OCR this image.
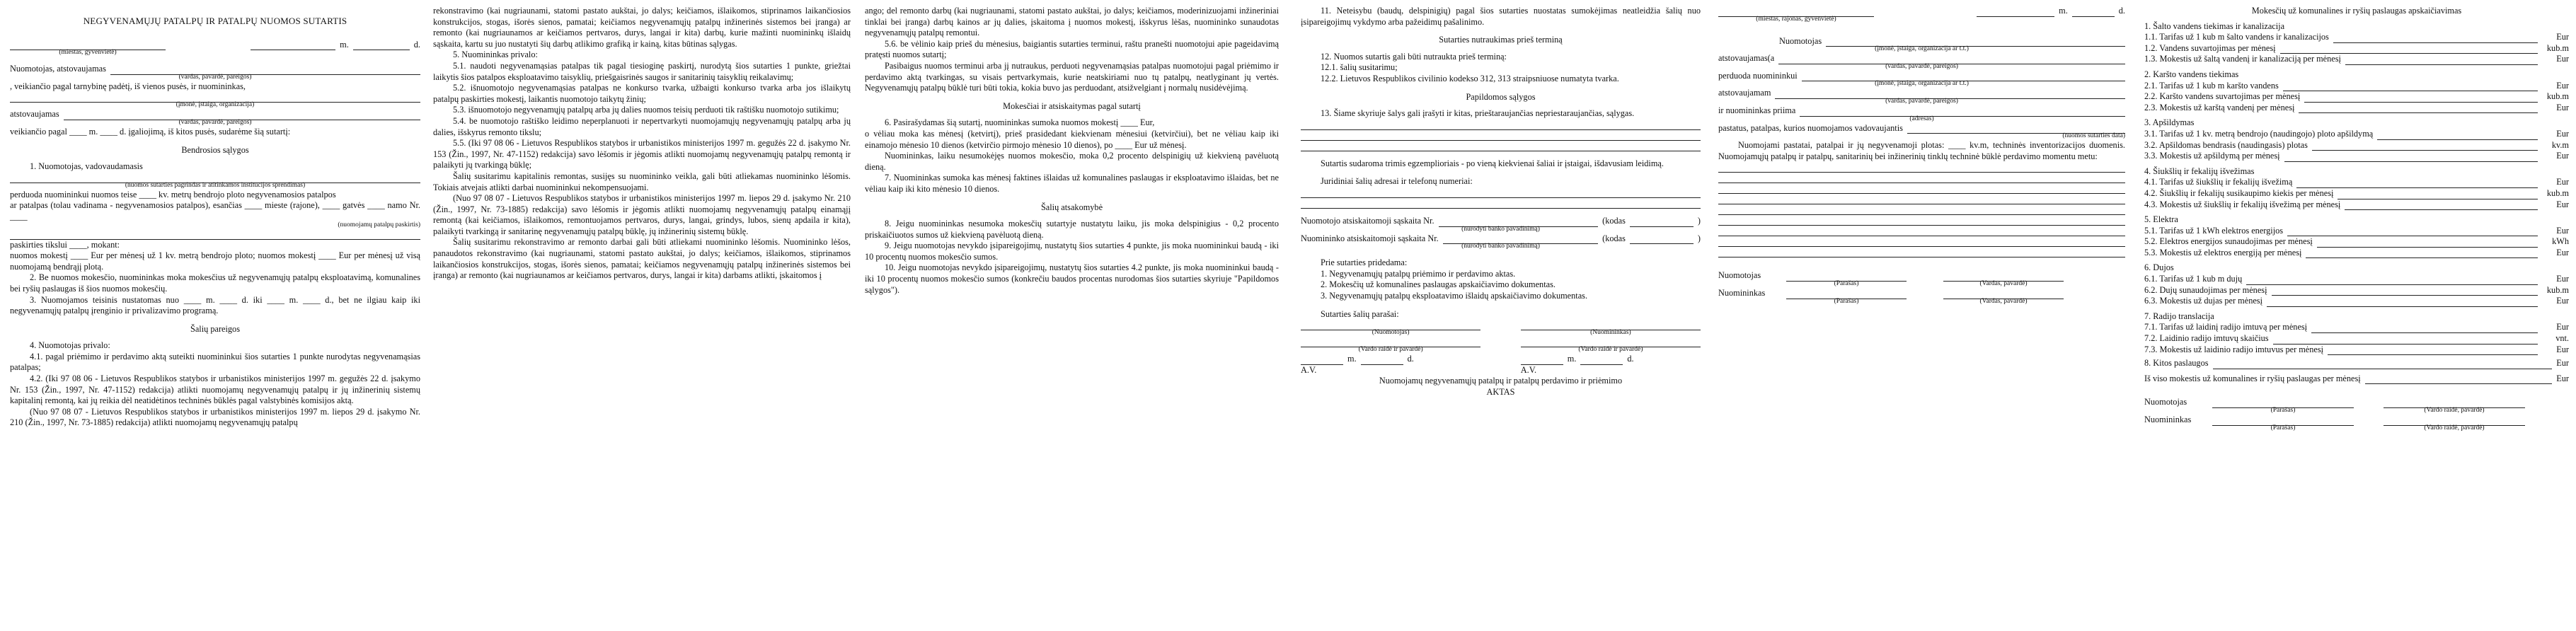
NEGYVENAMŲJŲ PATALPŲ IR PATALPŲ NUOMOS SUTARTIS

m.	d.

(miestas, gyvenvietė)

Nuomotojas, atstovaujamas

(vardas, pavardė, pareigos)

, veikiančio pagal tarnybinę padėtį, iš vienos pusės, ir nuomininkas,

(įmonė, įstaiga, organizacija)

atstovaujamas

(vardas, pavardė, pareigos)

veikiančio pagal ____ m. ____ d. įgaliojimą, iš kitos pusės, sudarėme šią sutartį:

Bendrosios sąlygos

1. Nuomotojas, vadovaudamasis

(nuomos sutarties pagrindas ir atitinkamos institucijos sprendimas)

perduoda nuomininkui nuomos teise ____ kv. metrų bendrojo ploto negyvenamosios patalpos

ar patalpas (tolau vadinama - negyvenamosios patalpos), esančias ____ mieste (rajone), ____ gatvės ____ namo Nr. ____

(nuomojamų patalpų paskirtis)

paskirties tikslui ____, mokant:

nuomos mokestį ____ Eur per mėnesį už 1 kv. metrą bendrojo ploto; nuomos mokestį ____ Eur per mėnesį už visą nuomojamą bendrąjį plotą.

2. Be nuomos mokesčio, nuomininkas moka mokesčius už negyvenamųjų patalpų eksploatavimą, komunalines bei ryšių paslaugas iš šios nuomos mokesčių.

3. Nuomojamos teisinis nustatomas nuo ____ m. ____ d. iki ____ m. ____ d., bet ne ilgiau kaip iki negyvenamųjų patalpų įrenginio ir privalizavimo programą.

Šalių pareigos

4. Nuomotojas privalo:

4.1. pagal priėmimo ir perdavimo aktą suteikti nuomininkui šios sutarties 1 punkte nurodytas negyvenamąsias patalpas;

4.2. (Iki 97 08 06 - Lietuvos Respublikos statybos ir urbanistikos ministerijos 1997 m. gegužės 22 d. įsakymo Nr. 153 (Žin., 1997, Nr. 47-1152) redakcija) atlikti nuomojamų negyvenamųjų patalpų ir jų inžinerinių sistemų kapitalinį remontą, kai jų reikia dėl neatidėtinos techninės būklės pagal valstybinės komisijos aktą.

(Nuo 97 08 07 - Lietuvos Respublikos statybos ir urbanistikos ministerijos 1997 m. liepos 29 d. įsakymo Nr. 210 (Žin., 1997, Nr. 73-1885) redakcija) atlikti nuomojamų negyvenamųjų patalpų

rekonstravimo (kai nugriaunami, statomi pastato aukštai, jo dalys; keičiamos, išlaikomos, stiprinamos laikančiosios konstrukcijos, stogas, išorės sienos, pamatai; keičiamos negyvenamųjų patalpų inžinerinės sistemos bei įranga) ar remonto (kai nugriaunamos ar keičiamos pertvaros, durys, langai ir kita) darbų, kurie mažinti nuomininkų išlaidų sąskaita, kartu su juo nustatyti šių darbų atlikimo grafiką ir kainą, kitas būtinas sąlygas.

5. Nuomininkas privalo:

5.1. naudoti negyvenamąsias patalpas tik pagal tiesioginę paskirtį, nurodytą šios sutarties 1 punkte, griežtai laikytis šios patalpos eksploatavimo taisyklių, priešgaisrinės saugos ir sanitarinių taisyklių reikalavimų;

5.2. išnuomotojo negyvenamąsias patalpas ne konkurso tvarka, užbaigti konkurso tvarka arba jos išlaikytų patalpų paskirties mokestį, laikantis nuomotojo taikytų žinių;

5.3. išnuomotojo negyvenamųjų patalpų arba jų dalies nuomos teisių perduoti tik raštišku nuomotojo sutikimu;

5.4. be nuomotojo raštiško leidimo neperplanuoti ir nepertvarkyti nuomojamųjų negyvenamųjų patalpų arba jų dalies, išskyrus remonto tikslu;

5.5. (Iki 97 08 06 - Lietuvos Respublikos statybos ir urbanistikos ministerijos 1997 m. gegužės 22 d. įsakymo Nr. 153 (Žin., 1997, Nr. 47-1152) redakcija) savo lėšomis ir jėgomis atlikti nuomojamų negyvenamųjų patalpų remontą ir palaikyti jų tvarkingą būklę;

Šalių susitarimu kapitalinis remontas, susijęs su nuomininko veikla, gali būti atliekamas nuomininko lėšomis. Tokiais atvejais atlikti darbai nuomininkui nekompensuojami.

(Nuo 97 08 07 - Lietuvos Respublikos statybos ir urbanistikos ministerijos 1997 m. liepos 29 d. įsakymo Nr. 210 (Žin., 1997, Nr. 73-1885) redakcija) savo lėšomis ir jėgomis atlikti nuomojamų negyvenamųjų patalpų einamąjį remontą (kai keičiamos, išlaikomos, remontuojamos pertvaros, durys, langai, grindys, lubos, sienų apdaila ir kita), palaikyti tvarkingą ir sanitarinę negyvenamųjų patalpų būklę, jų inžinerinių sistemų būklę.

Šalių susitarimu rekonstravimo ar remonto darbai gali būti atliekami nuomininko lėšomis. Nuomininko lėšos, panaudotos rekonstravimo (kai nugriaunami, statomi pastato aukštai, jo dalys; keičiamos, išlaikomos, stiprinamos laikančiosios konstrukcijos, stogas, išorės sienos, pamatai; keičiamos negyvenamųjų patalpų inžinerinės sistemos bei įranga) ar remonto (kai nugriaunamos ar keičiamos pertvaros, durys, langai ir kita) darbams atlikti, įskaitomos į

ango; del remonto darbų (kai nugriaunami, statomi pastato aukštai, jo dalys; keičiamos, moderinizuojami inžineriniai tinklai bei įranga) darbų kainos ar jų dalies, įskaitoma į nuomos mokestį, išskyrus lėšas, nuomininko sunaudotas negyvenamųjų patalpų remontui.

5.6. be vėlinio kaip prieš du mėnesius, baigiantis sutarties terminui, raštu pranešti nuomotojui apie pageidavimą pratęsti nuomos sutartį;

Pasibaigus nuomos terminui arba jį nutraukus, perduoti negyvenamąsias patalpas nuomotojui pagal priėmimo ir perdavimo aktą tvarkingas, su visais pertvarkymais, kurie neatskiriami nuo tų patalpų, neatlyginant jų vertės. Negyvenamųjų patalpų būklė turi būti tokia, kokia buvo jas perduodant, atsižvelgiant į normalų nusidėvėjimą.

Mokesčiai ir atsiskaitymas pagal sutartį

6. Pasirašydamas šią sutartį, nuomininkas sumoka nuomos mokestį ____ Eur,

o vėliau moka kas mėnesį (ketvirtį), prieš prasidedant kiekvienam mėnesiui (ketvirčiui), bet ne vėliau kaip iki einamojo mėnesio 10 dienos (ketvirčio pirmojo mėnesio 10 dienos), po ____ Eur už mėnesį.

Nuomininkas, laiku nesumokėjęs nuomos mokesčio, moka 0,2 procento delspinigių už kiekvieną pavėluotą dieną.

7. Nuomininkas sumoka kas mėnesį faktines išlaidas už komunalines paslaugas ir eksploatavimo išlaidas, bet ne vėliau kaip iki kito mėnesio 10 dienos.

Šalių atsakomybė

8. Jeigu nuomininkas nesumoka mokesčių sutartyje nustatytu laiku, jis moka delspinigius - 0,2 procento priskaičiuotos sumos už kiekvieną pavėluotą dieną.

9. Jeigu nuomotojas nevykdo įsipareigojimų, nustatytų šios sutarties 4 punkte, jis moka nuomininkui baudą - iki 10 procentų nuomos mokesčio sumos.

10. Jeigu nuomotojas nevykdo įsipareigojimų, nustatytų šios sutarties 4.2 punkte, jis moka nuomininkui baudą - iki 10 procentų nuomos mokesčio sumos (konkrečiu baudos procentas nurodomas šios sutarties skyriuje "Papildomos sąlygos").

11. Neteisybu (baudų, delspinigių) pagal šios sutarties nuostatas sumokėjimas neatleidžia šalių nuo įsipareigojimų vykdymo arba pažeidimų pašalinimo.

Sutarties nutraukimas prieš terminą

12. Nuomos sutartis gali būti nutraukta prieš terminą:

12.1. šalių susitarimu;

12.2. Lietuvos Respublikos civilinio kodekso 312, 313 straipsniuose numatyta tvarka.

Papildomos sąlygos

13. Šiame skyriuje šalys gali įrašyti ir kitas, prieštaraujančias nepriestaraujančias, sąlygas.

Sutartis sudaroma trimis egzemplioriais - po vieną kiekvienai šaliai ir įstaigai, išdavusiam leidimą.

Juridiniai šalių adresai ir telefonų numeriai:

Nuomotojo atsiskaitomoji sąskaita Nr.	(kodas	)

(nurodyti banko pavadinimą)

Nuomininko atsiskaitomoji sąskaita Nr.	(kodas	)

(nurodyti banko pavadinimą)

Prie sutarties pridedama:

1. Negyvenamųjų patalpų priėmimo ir perdavimo aktas.

2. Mokesčių už komunalines paslaugas apskaičiavimo dokumentas.

3. Negyvenamųjų patalpų eksploatavimo išlaidų apskaičiavimo dokumentas.

Sutarties šalių parašai:

(Nuomotojas)

(Vardo raidė ir pavardė)

m.	d.

A.V.

(Nuomininkas)

(Vardo raidė ir pavardė)

m.	d.

A.V.

Nuomojamų negyvenamųjų patalpų ir patalpų perdavimo ir priėmimo

AKTAS

m.	d.

(miestas, rajonas, gyvenvietė)

Nuomotojas

(įmonė, įstaiga, organizacija ar t.t.)

atstovaujamas(a

(vardas, pavardė, pareigos)

perduoda nuomininkui

(įmonė, įstaiga, organizacija ar t.t.)

atstovaujamam

(vardas, pavardė, pareigos)

ir nuomininkas priima

(adresas)

pastatus, patalpas, kurios nuomojamos vadovaujantis

(nuomos sutarties data)

Nuomojami pastatai, patalpai ir jų negyvenamoji plotas: ____ kv.m, techninės inventorizacijos duomenis. Nuomojamųjų patalpų ir patalpų, sanitarinių bei inžinerinių tinklų techninė būklė perdavimo momentu metu:

Nuomotojas
(Parašas)	(Vardas, pavardė)
Nuomininkas
(Parašas)	(Vardas, pavardė)

Mokesčių už komunalines ir ryšių paslaugas apskaičiavimas

1. Šalto vandens tiekimas ir kanalizacija

1.1. Tarifas už 1 kub m šalto vandens ir kanalizacijos	Eur
1.2. Vandens suvartojimas per mėnesį	kub.m
1.3. Mokestis už šaltą vandenį ir kanalizaciją per mėnesį	Eur

2. Karšto vandens tiekimas

2.1. Tarifas už 1 kub m karšto vandens	Eur
2.2. Karšto vandens suvartojimas per mėnesį	kub.m
2.3. Mokestis už karštą vandenį per mėnesį	Eur

3. Apšildymas

3.1. Tarifas už 1 kv. metrą bendrojo (naudingojo) ploto apšildymą	Eur
3.2. Apšildomas bendrasis (naudingasis) plotas	kv.m
3.3. Mokestis už apšildymą per mėnesį	Eur

4. Šiukšlių ir fekalijų išvežimas

4.1. Tarifas už šiukšlių ir fekalijų išvežimą	Eur
4.2. Šiukšlių ir fekalijų susikaupimo kiekis per mėnesį	kub.m
4.3. Mokestis už šiukšlių ir fekalijų išvežimą per mėnesį	Eur

5. Elektra

5.1. Tarifas už 1 kWh elektros energijos	Eur
5.2. Elektros energijos sunaudojimas per mėnesį	kWh
5.3. Mokestis už elektros energiją per mėnesį	Eur

6. Dujos

6.1. Tarifas už 1 kub m dujų	Eur
6.2. Dujų sunaudojimas per mėnesį	kub.m
6.3. Mokestis už dujas per mėnesį	Eur

7. Radijo translacija

7.1. Tarifas už laidinį radijo imtuvą per mėnesį	Eur
7.2. Laidinio radijo imtuvų skaičius	vnt.
7.3. Mokestis už laidinio radijo imtuvus per mėnesį	Eur
8. Kitos paslaugos	Eur
Iš viso mokestis už komunalines ir ryšių paslaugas per mėnesį	Eur
Nuomotojas
(Parašas)	(Vardo raidė, pavardė)
Nuomininkas
(Parašas)	(Vardo raidė, pavardė)
